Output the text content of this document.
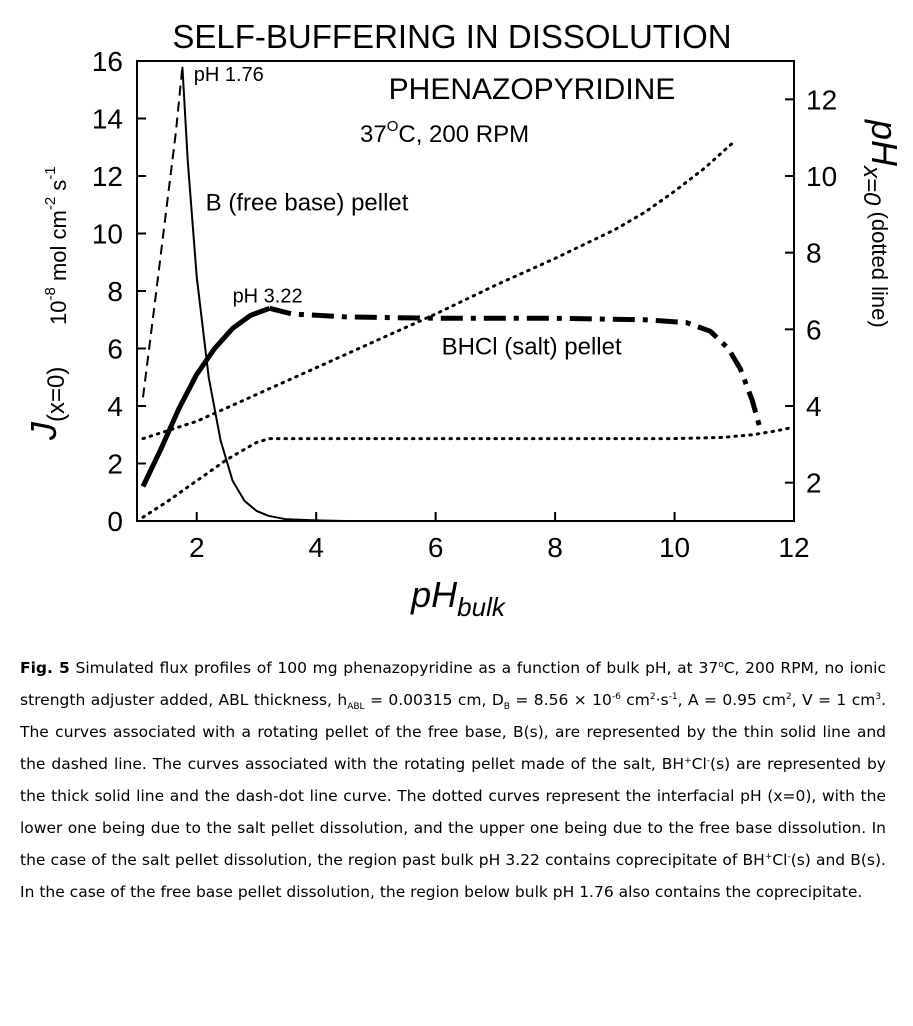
SELF-BUFFERING IN DISSOLUTION
2	4	6	8	10	12
0
2
4
6
8
10
12
14
16
2
4
6
8
10
12
pH 1.76
B (free base) pellet
pH 3.22
BHCl (salt) pellet
PHENAZOPYRIDINE
$37^OC$, 200 RPM
$pH_{bulk}$
$J_{(x=0)}$
$10^{-8}$ mol $cm^{-2}$ $s^{-1}$
$pH_{x=0}$ $^{(dotted line)}$
Fig. 5 Simulated flux profiles of 100 mg phenazopyridine as a function of bulk pH, at 37$^o$C, 200 RPM, no ionic strength adjuster added, ABL thickness, $h_{ABL} = 0.00315$ cm, $D_B = 8.56 \times 10^{-6}$ $cm^2\cdot s^{-1}$, A = 0.95 $cm^2$, V = 1 $cm^3$. The curves associated with a rotating pellet of the free base, B(s), are represented by the thin solid line and the dashed line. The curves associated with the rotating pellet made of the salt, BH+Cl-(s) are represented by the thick solid line and the dash-dot line curve. The dotted curves represent the interfacial pH (x=0), with the lower one being due to the salt pellet dissolution, and the upper one being due to the free base dissolution. In the case of the salt pellet dissolution, the region past bulk pH 3.22 contains coprecipitate of BH+Cl-(s) and B(s). In the case of the free base pellet dissolution, the region below bulk pH 1.76 also contains the coprecipitate.
